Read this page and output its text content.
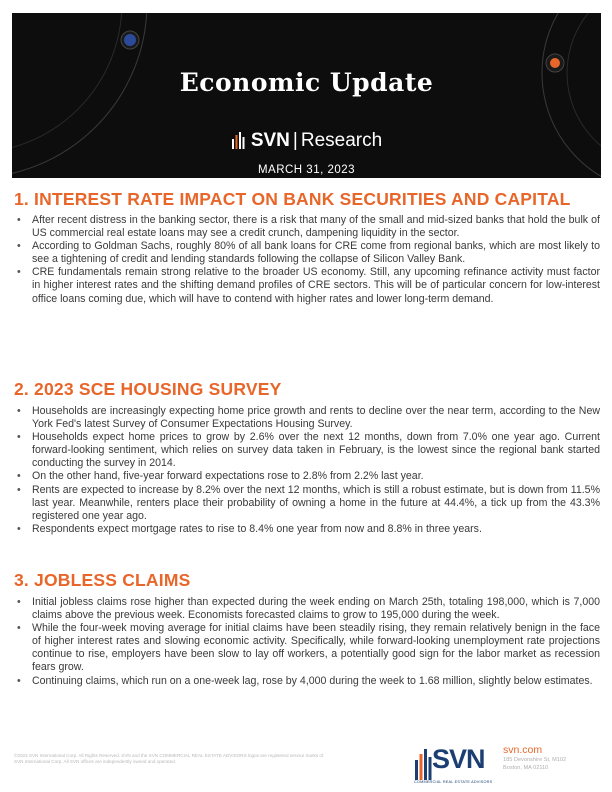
Economic Update
SVN | Research
MARCH 31, 2023
1. INTEREST RATE IMPACT ON BANK SECURITIES AND CAPITAL
• After recent distress in the banking sector, there is a risk that many of the small and mid-sized banks that hold the bulk of US commercial real estate loans may see a credit crunch, dampening liquidity in the sector.
• According to Goldman Sachs, roughly 80% of all bank loans for CRE come from regional banks, which are most likely to see a tightening of credit and lending standards following the collapse of Silicon Valley Bank.
• CRE fundamentals remain strong relative to the broader US economy. Still, any upcoming refinance activity must factor in higher interest rates and the shifting demand profiles of CRE sectors. This will be of particular concern for low-interest office loans coming due, which will have to contend with higher rates and lower long-term demand.
2. 2023 SCE HOUSING SURVEY
• Households are increasingly expecting home price growth and rents to decline over the near term, according to the New York Fed's latest Survey of Consumer Expectations Housing Survey.
• Households expect home prices to grow by 2.6% over the next 12 months, down from 7.0% one year ago. Current forward-looking sentiment, which relies on survey data taken in February, is the lowest since the regional bank started conducting the survey in 2014.
• On the other hand, five-year forward expectations rose to 2.8% from 2.2% last year.
• Rents are expected to increase by 8.2% over the next 12 months, which is still a robust estimate, but is down from 11.5% last year. Meanwhile, renters place their probability of owning a home in the future at 44.4%, a tick up from the 43.3% registered one year ago.
• Respondents expect mortgage rates to rise to 8.4% one year from now and 8.8% in three years.
3. JOBLESS CLAIMS
• Initial jobless claims rose higher than expected during the week ending on March 25th, totaling 198,000, which is 7,000 claims above the previous week. Economists forecasted claims to grow to 195,000 during the week.
• While the four-week moving average for initial claims have been steadily rising, they remain relatively benign in the face of higher interest rates and slowing economic activity. Specifically, while forward-looking unemployment rate projections continue to rise, employers have been slow to lay off workers, a potentially good sign for the labor market as recession fears grow.
• Continuing claims, which run on a one-week lag, rose by 4,000 during the week to 1.68 million, slightly below estimates.
©2023 SVN International Corp. All Rights Reserved. SVN and the SVN COMMERCIAL REAL ESTATE ADVISORS logos are registered service marks of SVN International Corp. All SVN offices are independently owned and operated.	SVN
COMMERCIAL REAL ESTATE ADVISORS
svn.com
185 Devonshire St, M102
Boston, MA 02110
